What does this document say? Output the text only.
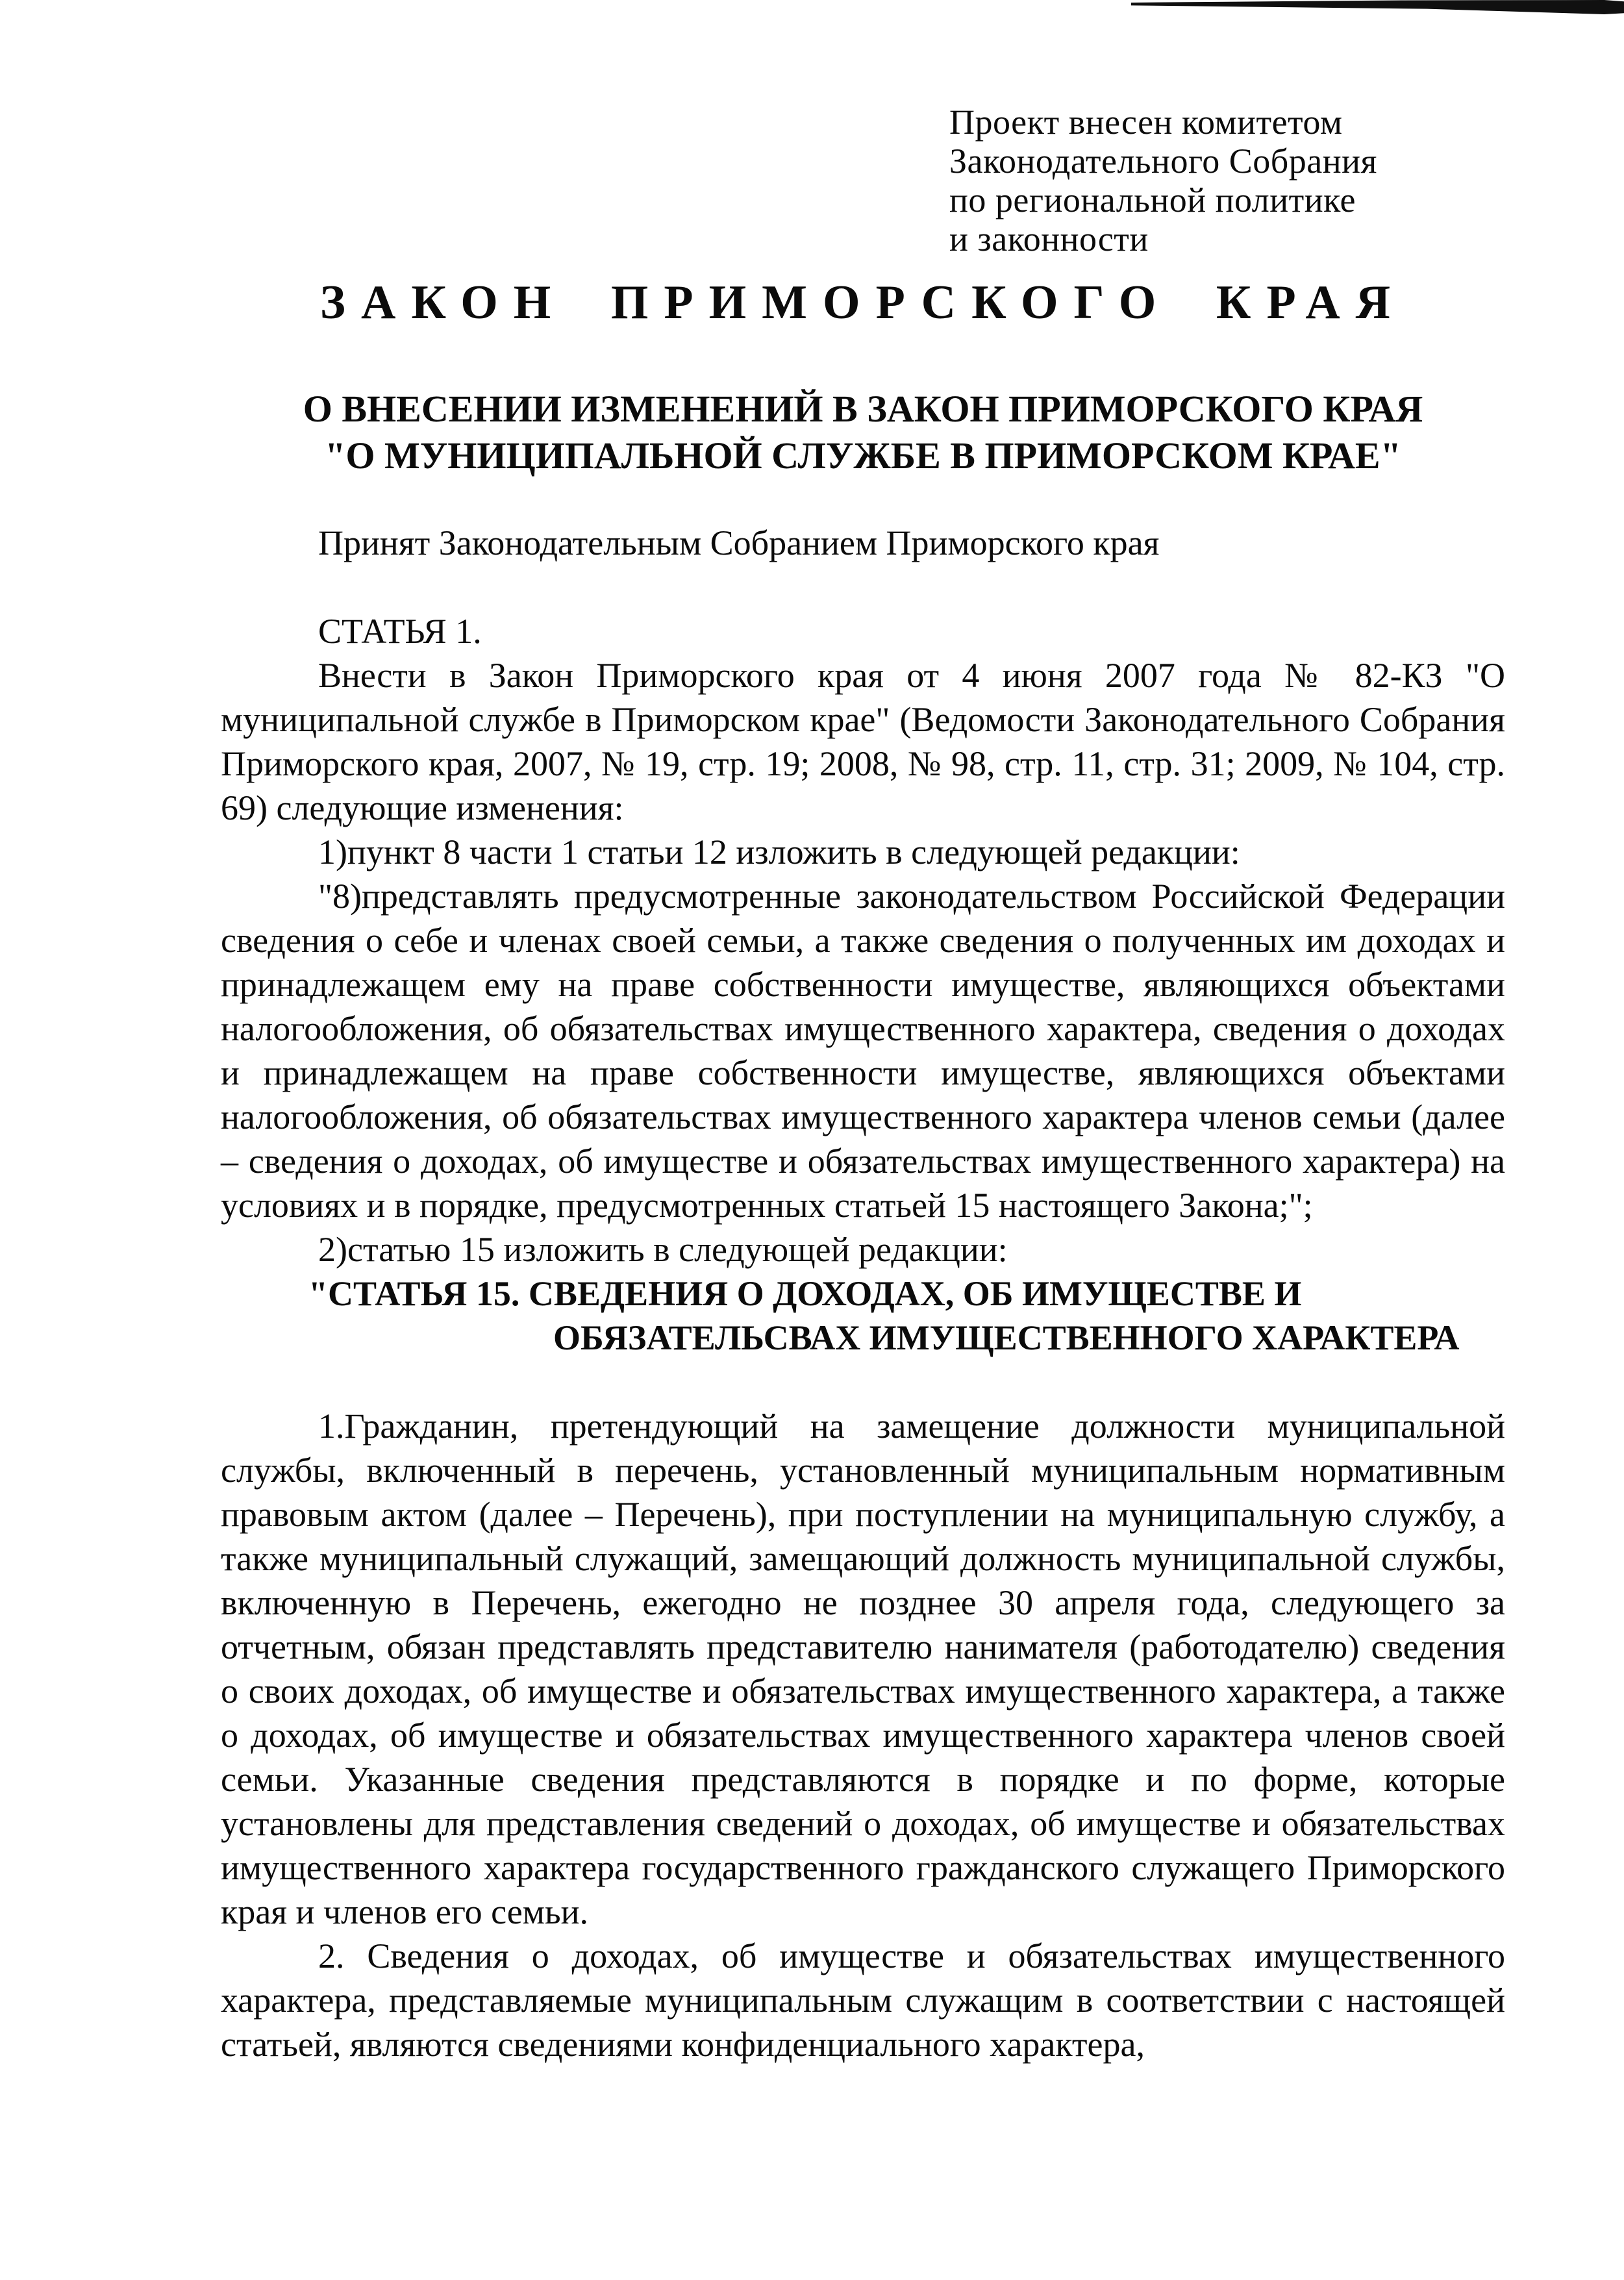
Проект внесен комитетом
Законодательного Собрания
по региональной политике
и законности
ЗАКОН ПРИМОРСКОГО КРАЯ
О ВНЕСЕНИИ ИЗМЕНЕНИЙ В ЗАКОН ПРИМОРСКОГО КРАЯ
"О МУНИЦИПАЛЬНОЙ СЛУЖБЕ В ПРИМОРСКОМ КРАЕ"

Принят Законодательным Собранием Приморского края

СТАТЬЯ 1.

Внести в Закон Приморского края от 4 июня 2007 года № 82-КЗ "О муниципальной службе в Приморском крае" (Ведомости Законодательного Собрания Приморского края, 2007, № 19, стр. 19; 2008, № 98, стр. 11, стр. 31; 2009, № 104, стр. 69) следующие изменения:

1)пункт 8 части 1 статьи 12 изложить в следующей редакции:

"8)представлять предусмотренные законодательством Российской Федерации сведения о себе и членах своей семьи, а также сведения о полученных им доходах и принадлежащем ему на праве собственности имуществе, являющихся объектами налогообложения, об обязательствах имущественного характера, сведения о доходах и принадлежащем на праве собственности имуществе, являющихся объектами налогообложения, об обязательствах имущественного характера членов семьи (далее – сведения о доходах, об имуществе и обязательствах имущественного характера) на условиях и в порядке, предусмотренных статьей 15 настоящего Закона;";

2)статью 15 изложить в следующей редакции:

"СТАТЬЯ 15. СВЕДЕНИЯ О ДОХОДАХ, ОБ ИМУЩЕСТВЕ И

ОБЯЗАТЕЛЬСВАХ ИМУЩЕСТВЕННОГО ХАРАКТЕРА

1.Гражданин, претендующий на замещение должности муниципальной службы, включенный в перечень, установленный муниципальным нормативным правовым актом (далее – Перечень), при поступлении на муниципальную службу, а также муниципальный служащий, замещающий должность муниципальной службы, включенную в Перечень, ежегодно не позднее 30 апреля года, следующего за отчетным, обязан представлять представителю нанимателя (работодателю) сведения о своих доходах, об имуществе и обязательствах имущественного характера, а также о доходах, об имуществе и обязательствах имущественного характера членов своей семьи. Указанные сведения представляются в порядке и по форме, которые установлены для представления сведений о доходах, об имуществе и обязательствах имущественного характера государственного гражданского служащего Приморского края и членов его семьи.

2. Сведения о доходах, об имуществе и обязательствах имущественного характера, представляемые муниципальным служащим в соответствии с настоящей статьей, являются сведениями конфиденциального характера,
